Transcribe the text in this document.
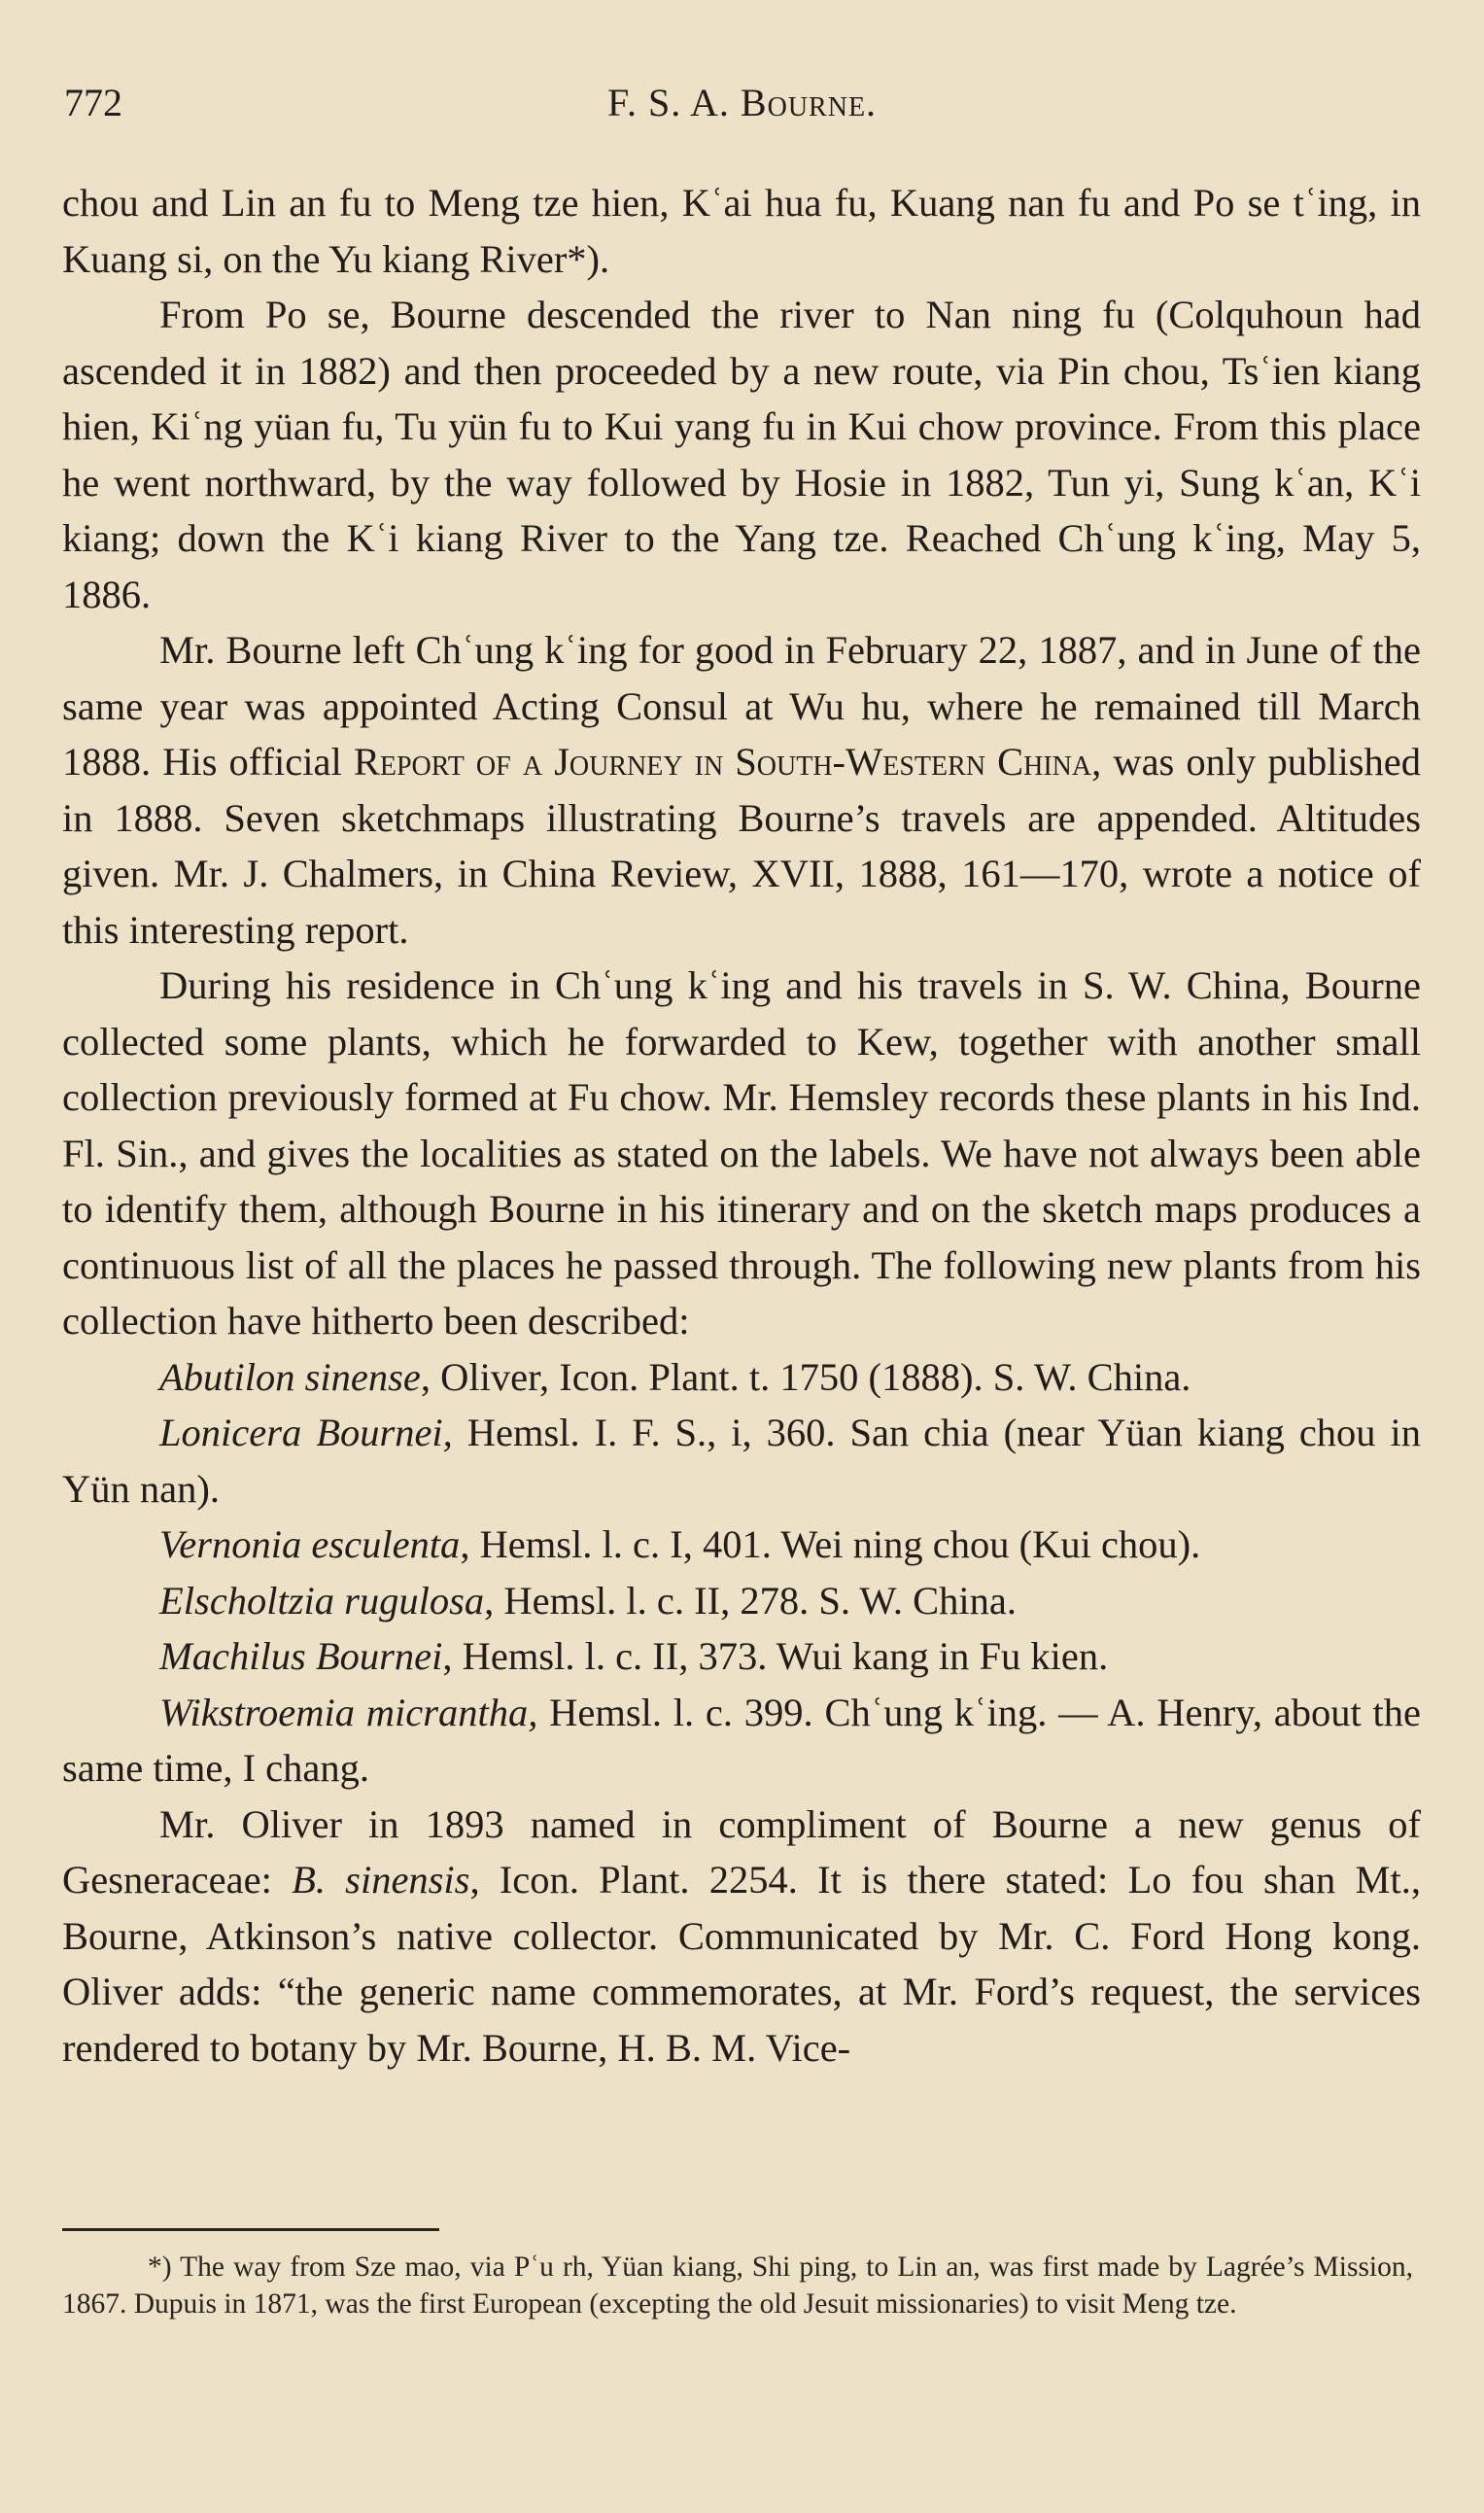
772	F. S. A. Bourne.

chou and Lin an fu to Meng tze hien, Kʿai hua fu, Kuang nan fu and Po se tʿing, in Kuang si, on the Yu kiang River*).

From Po se, Bourne descended the river to Nan ning fu (Colquhoun had ascended it in 1882) and then proceeded by a new route, via Pin chou, Tsʿien kiang hien, Kiʿng yüan fu, Tu yün fu to Kui yang fu in Kui chow province. From this place he went northward, by the way followed by Hosie in 1882, Tun yi, Sung kʿan, Kʿi kiang; down the Kʿi kiang River to the Yang tze. Reached Chʿung kʿing, May 5, 1886.

Mr. Bourne left Chʿung kʿing for good in February 22, 1887, and in June of the same year was appointed Acting Consul at Wu hu, where he remained till March 1888. His official Report of a Journey in South-Western China, was only published in 1888. Seven sketchmaps illustrating Bourne’s travels are appended. Altitudes given. Mr. J. Chalmers, in China Review, XVII, 1888, 161—170, wrote a notice of this interesting report.

During his residence in Chʿung kʿing and his travels in S. W. China, Bourne collected some plants, which he forwarded to Kew, together with another small collection previously formed at Fu chow. Mr. Hemsley records these plants in his Ind. Fl. Sin., and gives the localities as stated on the labels. We have not always been able to identify them, although Bourne in his itinerary and on the sketch maps produces a continuous list of all the places he passed through. The following new plants from his collection have hitherto been described:

Abutilon sinense, Oliver, Icon. Plant. t. 1750 (1888). S. W. China.

Lonicera Bournei, Hemsl. I. F. S., i, 360. San chia (near Yüan kiang chou in Yün nan).

Vernonia esculenta, Hemsl. l. c. I, 401. Wei ning chou (Kui chou).

Elscholtzia rugulosa, Hemsl. l. c. II, 278. S. W. China.

Machilus Bournei, Hemsl. l. c. II, 373. Wui kang in Fu kien.

Wikstroemia micrantha, Hemsl. l. c. 399. Chʿung kʿing. — A. Henry, about the same time, I chang.

Mr. Oliver in 1893 named in compliment of Bourne a new genus of Gesneraceae: B. sinensis, Icon. Plant. 2254. It is there stated: Lo fou shan Mt., Bourne, Atkinson’s native collector. Communicated by Mr. C. Ford Hong kong. Oliver adds: “the generic name commemorates, at Mr. Ford’s request, the services rendered to botany by Mr. Bourne, H. B. M. Vice-

*) The way from Sze mao, via Pʿu rh, Yüan kiang, Shi ping, to Lin an, was first made by Lagrée’s Mission, 1867. Dupuis in 1871, was the first European (excepting the old Jesuit missionaries) to visit Meng tze.
